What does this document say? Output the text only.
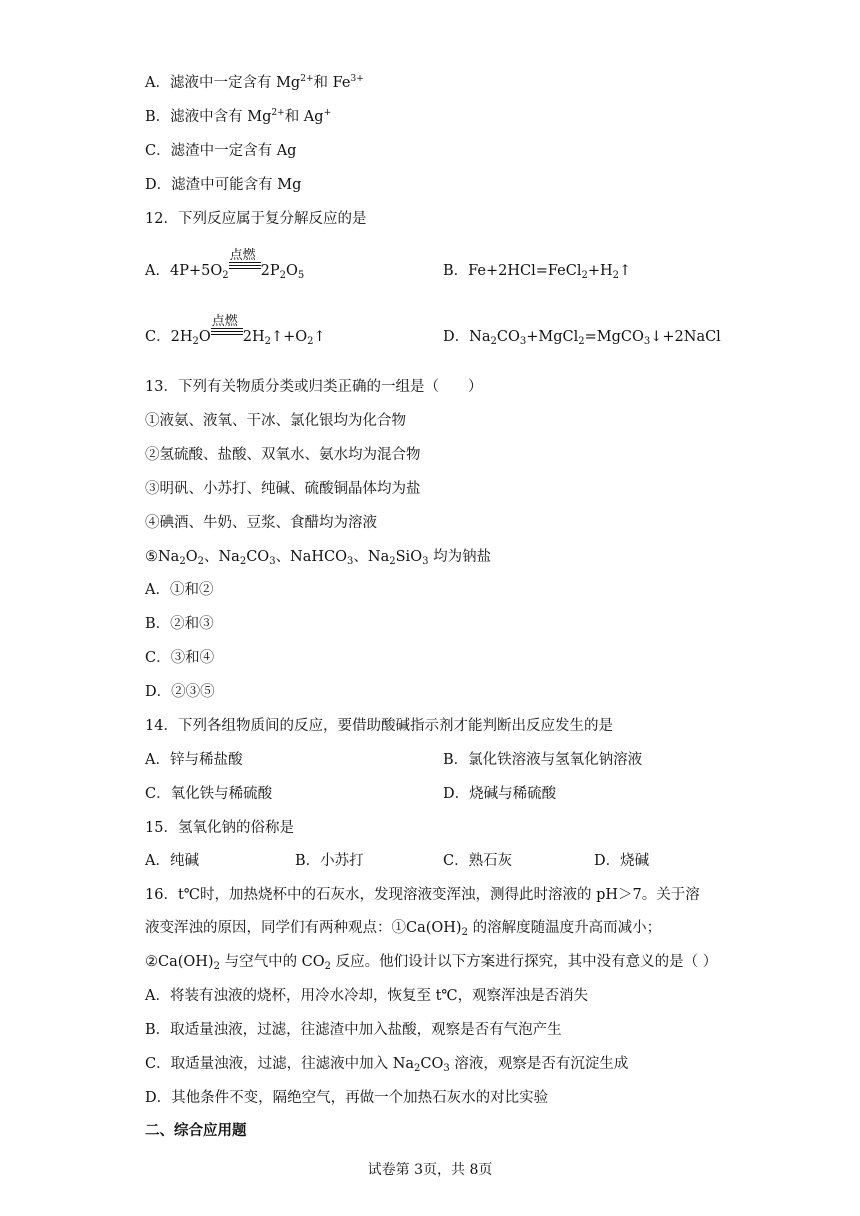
A．滤液中一定含有 $Mg^{2+}$和 $Fe^{3+}$
B．滤液中含有 $Mg^{2+}$和 Ag+
C．滤渣中一定含有 Ag
D．滤渣中可能含有 Mg
12．下列反应属于复分解反应的是
A．$4P+5O_2$
点燃
$2P_2O_5$	B．$Fe+2HCl=FeCl_2+H_2↑$
C．$2H_2O$
点燃
$2H_2↑+O_2↑$	D．$Na_2CO_3+MgCl_2=MgCO_3↓+2NaCl$
13．下列有关物质分类或归类正确的一组是（　　）
①液氨、液氧、干冰、氯化银均为化合物
②氢硫酸、盐酸、双氧水、氨水均为混合物
③明矾、小苏打、纯碱、硫酸铜晶体均为盐
④碘酒、牛奶、豆浆、食醋均为溶液
$⑤Na_2O_2$、$Na_2CO_3$、NaHCO$_3$、$Na_2SiO_3$ 均为钠盐
A．①和②
B．②和③
C．③和④
D．②③⑤
14．下列各组物质间的反应，要借助酸碱指示剂才能判断出反应发生的是
A．锌与稀盐酸	B．氯化铁溶液与氢氧化钠溶液
C．氧化铁与稀硫酸	D．烧碱与稀硫酸
15．氢氧化钠的俗称是
A．纯碱	B．小苏打	C．熟石灰	D．烧碱
16．t℃时，加热烧杯中的石灰水，发现溶液变浑浊，测得此时溶液的 pH＞7。关于溶
液变浑浊的原因，同学们有两种观点：$①Ca(OH)_2$ 的溶解度随温度升高而减小；
$②Ca(OH)_2$ 与空气中的 $CO_2$ 反应。他们设计以下方案进行探究，其中没有意义的是（ ）
A．将装有浊液的烧杯，用冷水冷却，恢复至 t℃，观察浑浊是否消失
B．取适量浊液，过滤，往滤渣中加入盐酸，观察是否有气泡产生
C．取适量浊液，过滤，往滤液中加入 $Na_2CO_3$ 溶液，观察是否有沉淀生成
D．其他条件不变，隔绝空气，再做一个加热石灰水的对比实验
二、综合应用题
试卷第 3页，共 8页
